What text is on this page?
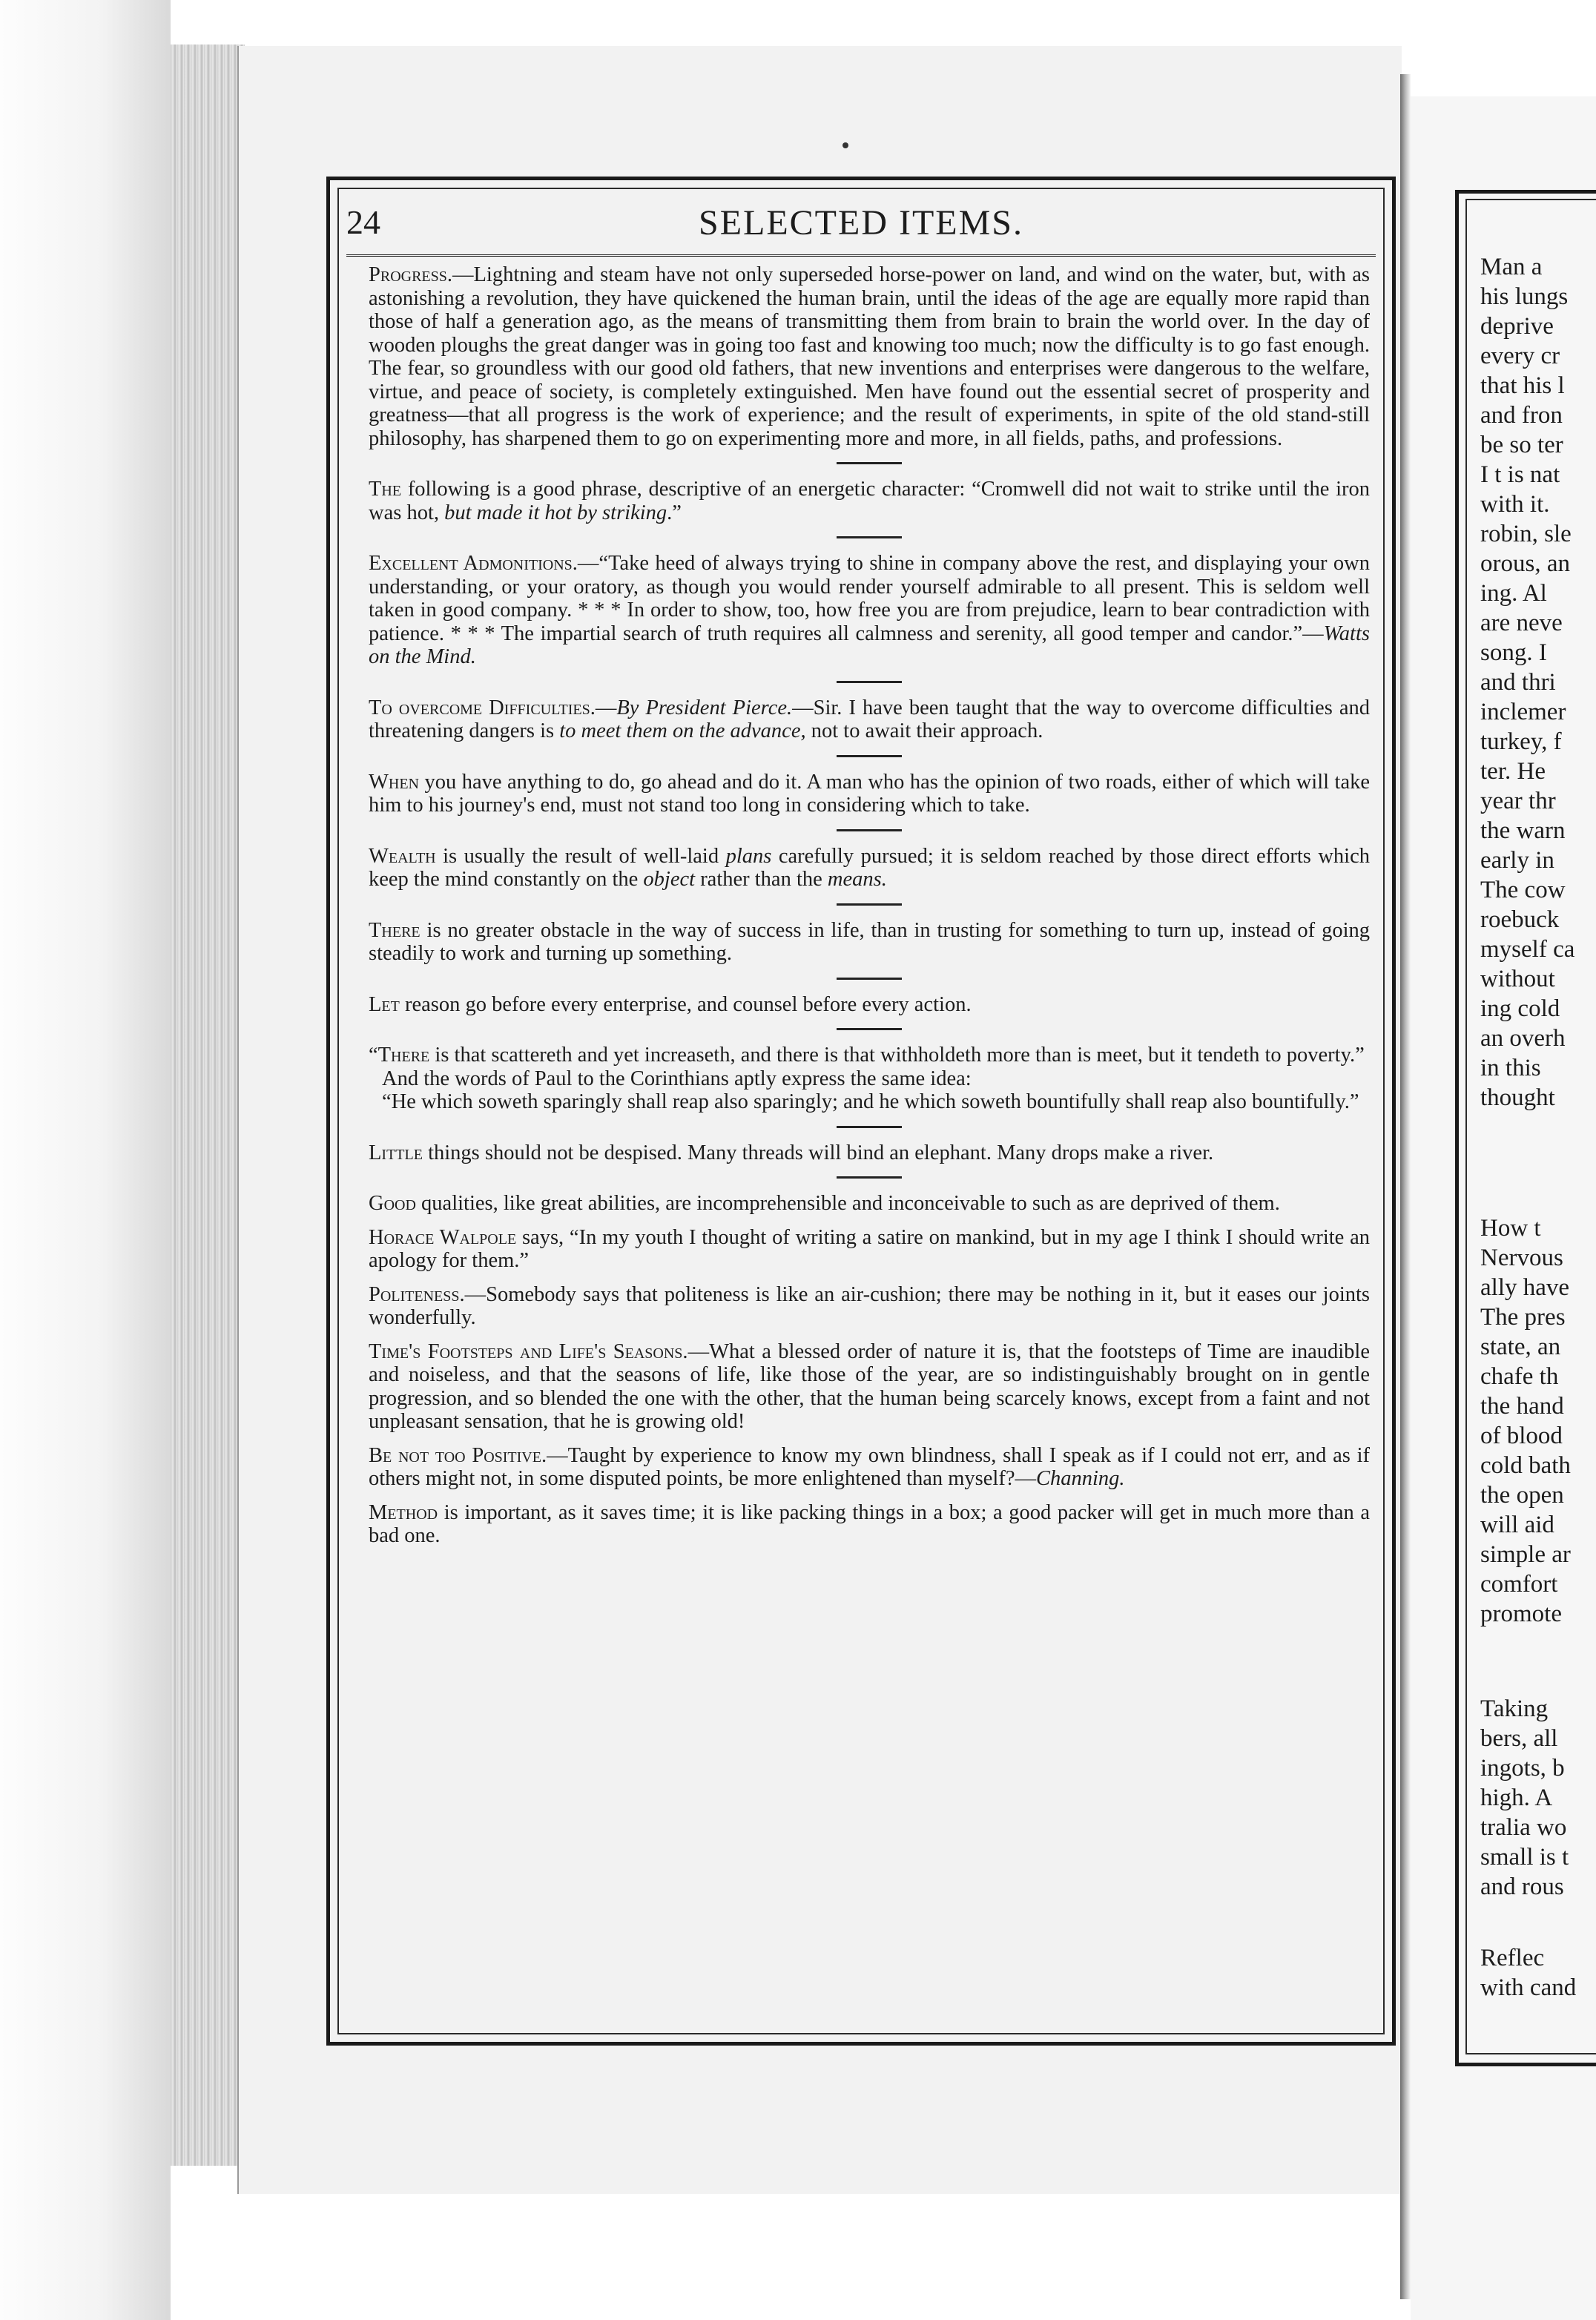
24	SELECTED ITEMS.

Progress.—Lightning and steam have not only superseded horse-power on land, and wind on the water, but, with as astonishing a revolution, they have quickened the human brain, until the ideas of the age are equally more rapid than those of half a generation ago, as the means of transmitting them from brain to brain the world over. In the day of wooden ploughs the great danger was in going too fast and knowing too much; now the difficulty is to go fast enough. The fear, so groundless with our good old fathers, that new inventions and enterprises were dangerous to the welfare, virtue, and peace of society, is completely extinguished. Men have found out the essential secret of prosperity and greatness—that all progress is the work of experience; and the result of experiments, in spite of the old stand-still philosophy, has sharpened them to go on experimenting more and more, in all fields, paths, and professions.

The following is a good phrase, descriptive of an energetic character: “Cromwell did not wait to strike until the iron was hot, but made it hot by striking.”

Excellent Admonitions.—“Take heed of always trying to shine in company above the rest, and displaying your own understanding, or your oratory, as though you would render yourself admirable to all present. This is seldom well taken in good company. * * * In order to show, too, how free you are from prejudice, learn to bear contradiction with patience. * * * The impartial search of truth requires all calmness and serenity, all good temper and candor.”—Watts on the Mind.

To overcome Difficulties.—By President Pierce.—Sir. I have been taught that the way to overcome difficulties and threatening dangers is to meet them on the advance, not to await their approach.

When you have anything to do, go ahead and do it. A man who has the opinion of two roads, either of which will take him to his journey's end, must not stand too long in considering which to take.

Wealth is usually the result of well-laid plans carefully pursued; it is seldom reached by those direct efforts which keep the mind constantly on the object rather than the means.

There is no greater obstacle in the way of success in life, than in trusting for something to turn up, instead of going steadily to work and turning up something.

Let reason go before every enterprise, and counsel before every action.

“There is that scattereth and yet increaseth, and there is that withholdeth more than is meet, but it tendeth to poverty.”

And the words of Paul to the Corinthians aptly express the same idea:

“He which soweth sparingly shall reap also sparingly; and he which soweth bountifully shall reap also bountifully.”

Little things should not be despised. Many threads will bind an elephant. Many drops make a river.

Good qualities, like great abilities, are incomprehensible and inconceivable to such as are deprived of them.

Horace Walpole says, “In my youth I thought of writing a satire on mankind, but in my age I think I should write an apology for them.”

Politeness.—Somebody says that politeness is like an air-cushion; there may be nothing in it, but it eases our joints wonderfully.

Time's Footsteps and Life's Seasons.—What a blessed order of nature it is, that the footsteps of Time are inaudible and noiseless, and that the seasons of life, like those of the year, are so indistinguishably brought on in gentle progression, and so blended the one with the other, that the human being scarcely knows, except from a faint and not unpleasant sensation, that he is growing old!

Be not too Positive.—Taught by experience to know my own blindness, shall I speak as if I could not err, and as if others might not, in some disputed points, be more enlightened than myself?—Channing.

Method is important, as it saves time; it is like packing things in a box; a good packer will get in much more than a bad one.

Man a
his lungs
deprive
every cr
that his l
and fron
be so ter
I t is nat
with it.
robin, sle
orous, an
ing. Al
are neve
song. I
and thri
inclemer
turkey, f
ter. He
year thr
the warn
early in
The cow
roebuck
myself ca
without
ing cold
an overh
in this
thought
How t
Nervous
ally have
The pres
state, an
chafe th
the hand
of blood
cold bath
the open
will aid
simple ar
comfort
promote
Taking
bers, all
ingots, b
high. A
tralia wo
small is t
and rous
Reflec
with cand
